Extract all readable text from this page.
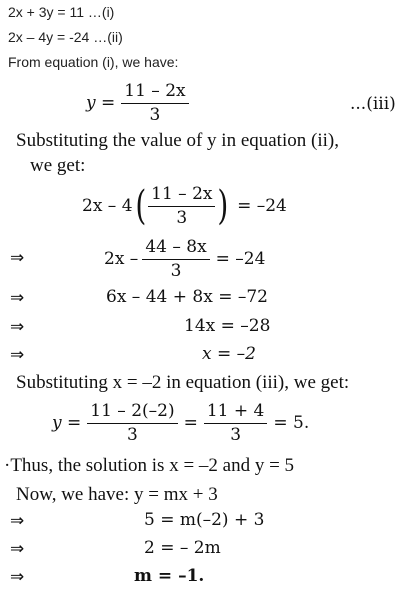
2x + 3y = 11 …(i)
2x – 4y = -24 …(ii)
From equation (i), we have:
$y = \frac{11 - 2x}{3}$	...(iii)
Substituting the value of y in equation (ii),
we get:
2x – 4 ( $\frac{11 - 2x}{3}$ ) = –24
⇒	$2x - \frac{44 - 8x}{3} = -24$
⇒	6x – 44 + 8x = –72
⇒	14x = –28
⇒	x = –2
Substituting x = –2 in equation (iii), we get:
$y = \frac{11 - 2(-2)}{3} = \frac{11 + 4}{3} = 5$.
·Thus, the solution is x = –2 and y = 5
Now, we have: y = mx + 3
⇒	5 = m(–2) + 3
⇒	2 = – 2m
⇒	m = –1.
